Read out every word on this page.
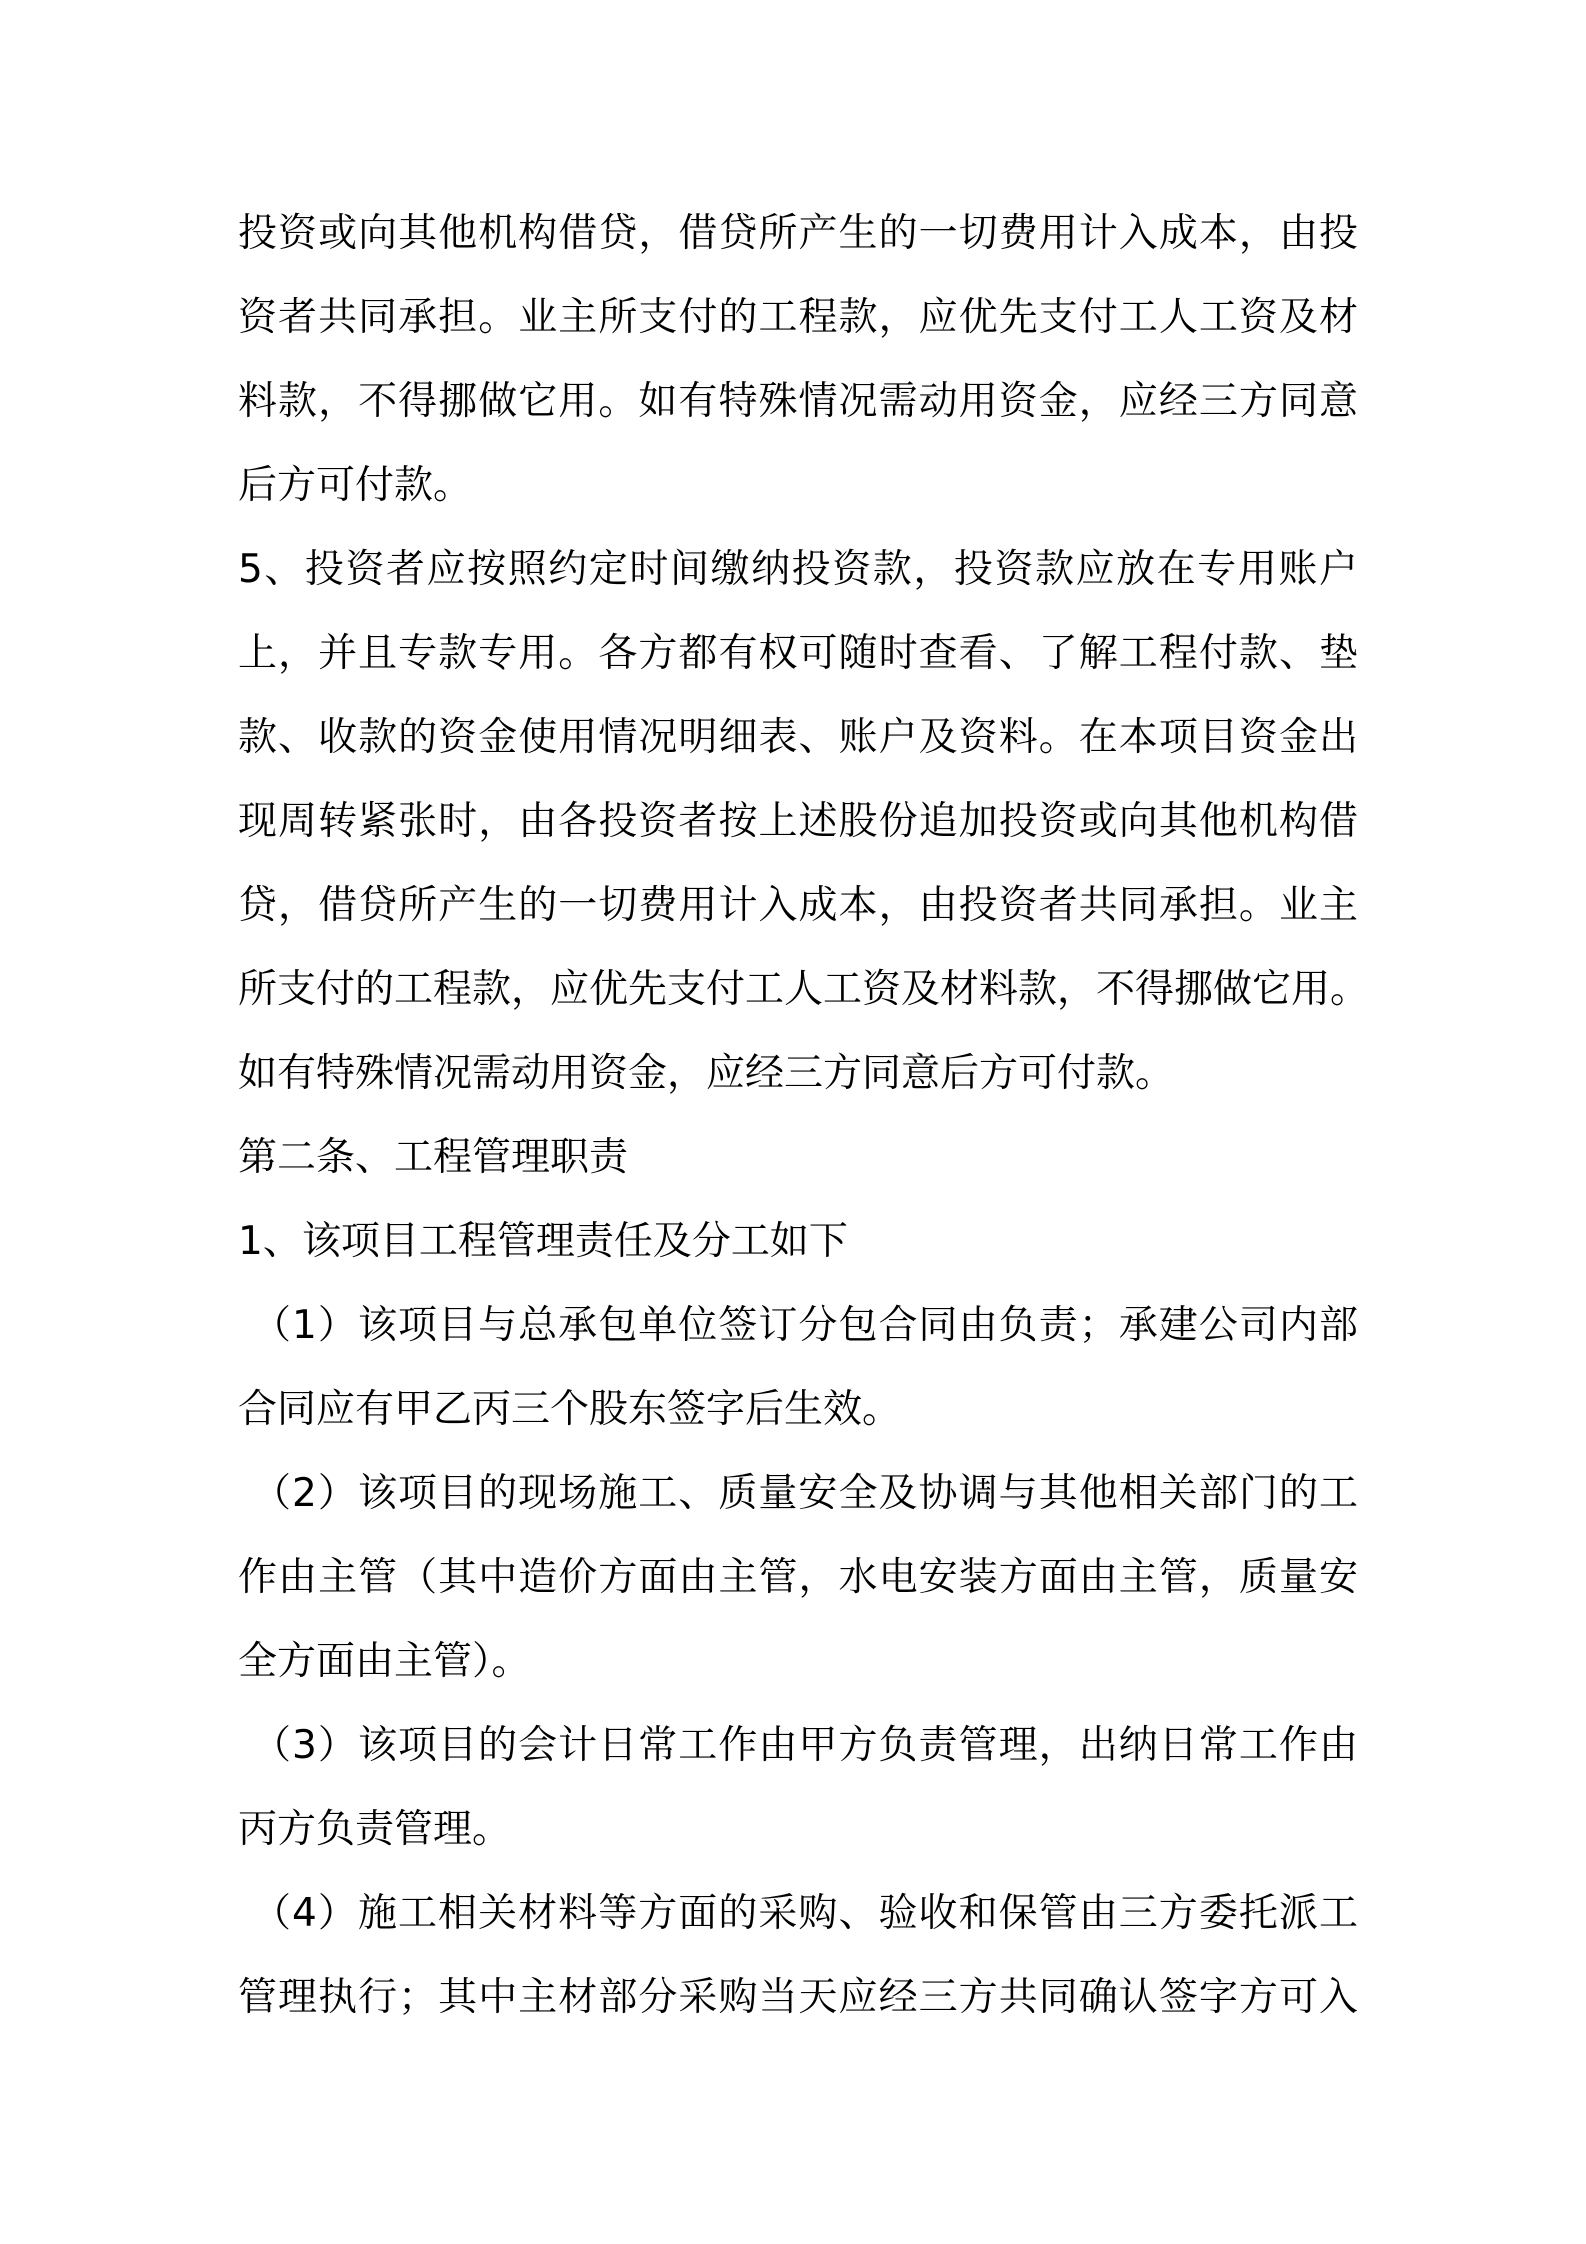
投资或向其他机构借贷，借贷所产生的一切费用计入成本，由投
资者共同承担。业主所支付的工程款，应优先支付工人工资及材
料款，不得挪做它用。如有特殊情况需动用资金，应经三方同意
后方可付款。
5、投资者应按照约定时间缴纳投资款，投资款应放在专用账户
上，并且专款专用。各方都有权可随时查看、了解工程付款、垫
款、收款的资金使用情况明细表、账户及资料。在本项目资金出
现周转紧张时，由各投资者按上述股份追加投资或向其他机构借
贷，借贷所产生的一切费用计入成本，由投资者共同承担。业主
所支付的工程款，应优先支付工人工资及材料款，不得挪做它用。
如有特殊情况需动用资金，应经三方同意后方可付款。
第二条、工程管理职责
1、该项目工程管理责任及分工如下
（1）该项目与总承包单位签订分包合同由负责；承建公司内部
合同应有甲乙丙三个股东签字后生效。
（2）该项目的现场施工、质量安全及协调与其他相关部门的工
作由主管（其中造价方面由主管，水电安装方面由主管，质量安
全方面由主管）。
（3）该项目的会计日常工作由甲方负责管理，出纳日常工作由
丙方负责管理。
（4）施工相关材料等方面的采购、验收和保管由三方委托派工
管理执行；其中主材部分采购当天应经三方共同确认签字方可入
